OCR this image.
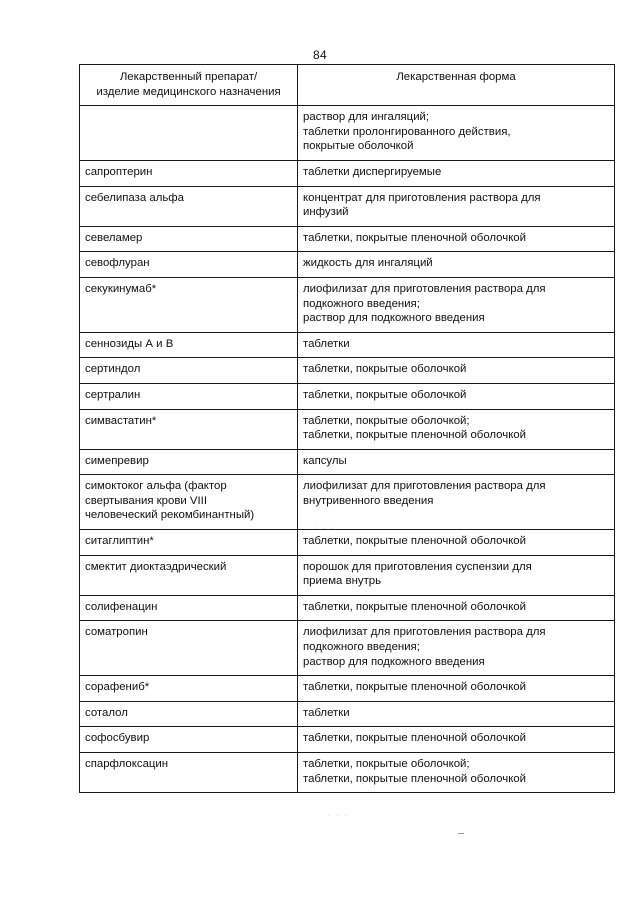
84
Лекарственный препарат/
изделие медицинского назначения	Лекарственная форма
	раствор для ингаляций;
таблетки пролонгированного действия,
покрытые оболочкой
сапроптерин	таблетки диспергируемые
себелипаза альфа	концентрат для приготовления раствора для
инфузий
севеламер	таблетки, покрытые пленочной оболочкой
севофлуран	жидкость для ингаляций
секукинумаб*	лиофилизат для приготовления раствора для
подкожного введения;
раствор для подкожного введения
сеннозиды А и В	таблетки
сертиндол	таблетки, покрытые оболочкой
сертралин	таблетки, покрытые оболочкой
симвастатин*	таблетки, покрытые оболочкой;
таблетки, покрытые пленочной оболочкой
симепревир	капсулы
симоктоког альфа (фактор
свертывания крови VIII
человеческий рекомбинантный)	лиофилизат для приготовления раствора для
внутривенного введения
ситаглиптин*	таблетки, покрытые пленочной оболочкой
смектит диоктаэдрический	порошок для приготовления суспензии для
приема внутрь
солифенацин	таблетки, покрытые пленочной оболочкой
соматропин	лиофилизат для приготовления раствора для
подкожного введения;
раствор для подкожного введения
сорафениб*	таблетки, покрытые пленочной оболочкой
соталол	таблетки
софосбувир	таблетки, покрытые пленочной оболочкой
спарфлоксацин	таблетки, покрытые оболочкой;
таблетки, покрытые пленочной оболочкой
· · ·
· · ·
